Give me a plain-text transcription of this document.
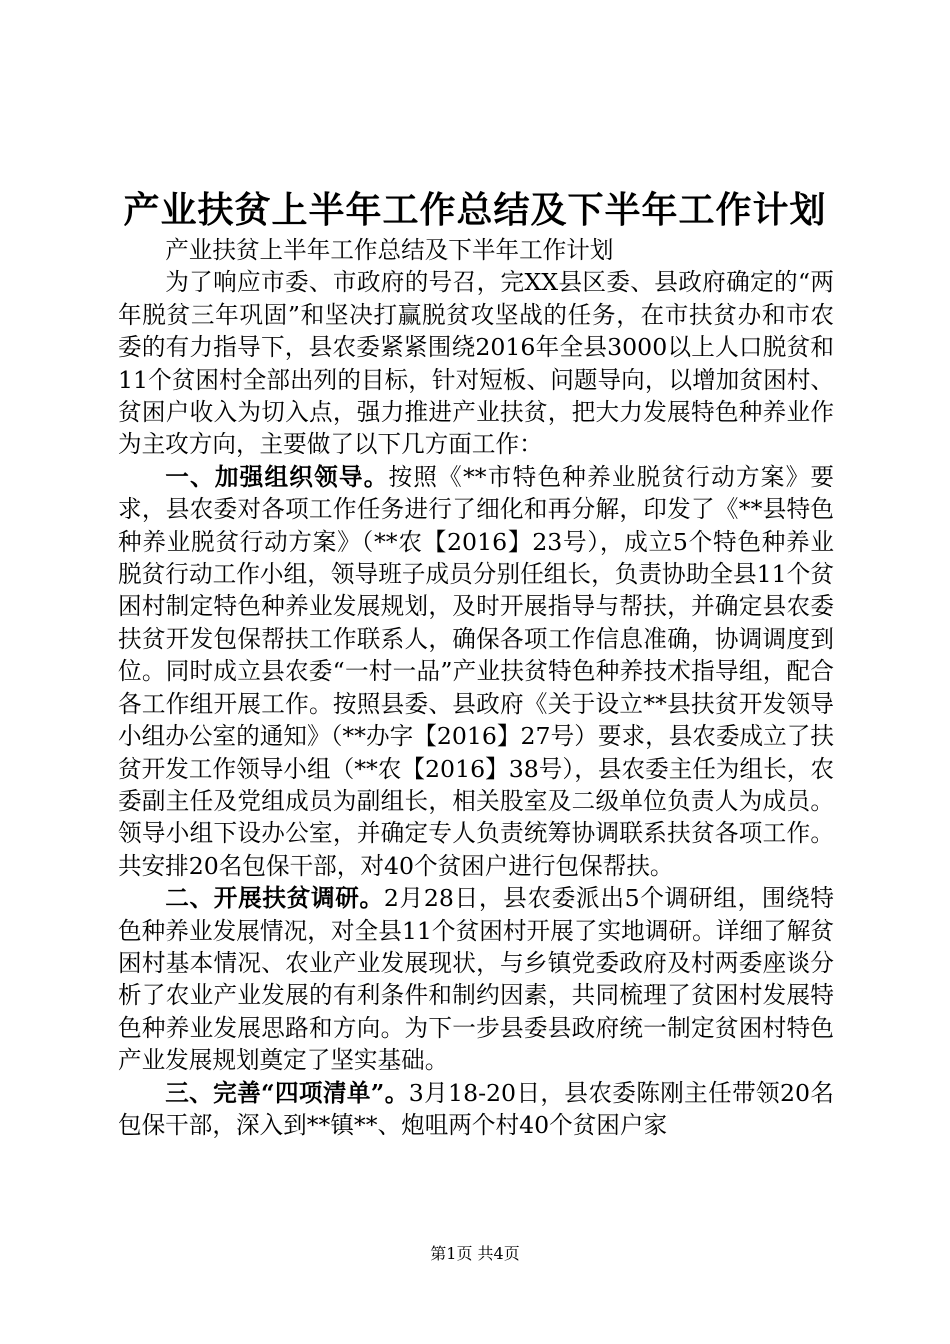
产业扶贫上半年工作总结及下半年工作计划

产业扶贫上半年工作总结及下半年工作计划

为了响应市委、市政府的号召，完XX县区委、县政府确定的“两年脱贫三年巩固”和坚决打赢脱贫攻坚战的任务，在市扶贫办和市农委的有力指导下，县农委紧紧围绕2016年全县3000以上人口脱贫和11个贫困村全部出列的目标，针对短板、问题导向，以增加贫困村、贫困户收入为切入点，强力推进产业扶贫，把大力发展特色种养业作为主攻方向，主要做了以下几方面工作：

一、加强组织领导。按照《**市特色种养业脱贫行动方案》要求，县农委对各项工作任务进行了细化和再分解，印发了《**县特色种养业脱贫行动方案》（**农【2016】23号），成立5个特色种养业脱贫行动工作小组，领导班子成员分别任组长，负责协助全县11个贫困村制定特色种养业发展规划，及时开展指导与帮扶，并确定县农委扶贫开发包保帮扶工作联系人，确保各项工作信息准确，协调调度到位。同时成立县农委“一村一品”产业扶贫特色种养技术指导组，配合各工作组开展工作。按照县委、县政府《关于设立**县扶贫开发领导小组办公室的通知》（**办字【2016】27号）要求，县农委成立了扶贫开发工作领导小组（**农【2016】38号），县农委主任为组长，农委副主任及党组成员为副组长，相关股室及二级单位负责人为成员。领导小组下设办公室，并确定专人负责统筹协调联系扶贫各项工作。共安排20名包保干部，对40个贫困户进行包保帮扶。

二、开展扶贫调研。2月28日，县农委派出5个调研组，围绕特色种养业发展情况，对全县11个贫困村开展了实地调研。详细了解贫困村基本情况、农业产业发展现状，与乡镇党委政府及村两委座谈分析了农业产业发展的有利条件和制约因素，共同梳理了贫困村发展特色种养业发展思路和方向。为下一步县委县政府统一制定贫困村特色产业发展规划奠定了坚实基础。

三、完善“四项清单”。3月18-20日，县农委陈刚主任带领20名包保干部，深入到**镇**、炮咀两个村40个贫困户家

第1页 共4页
